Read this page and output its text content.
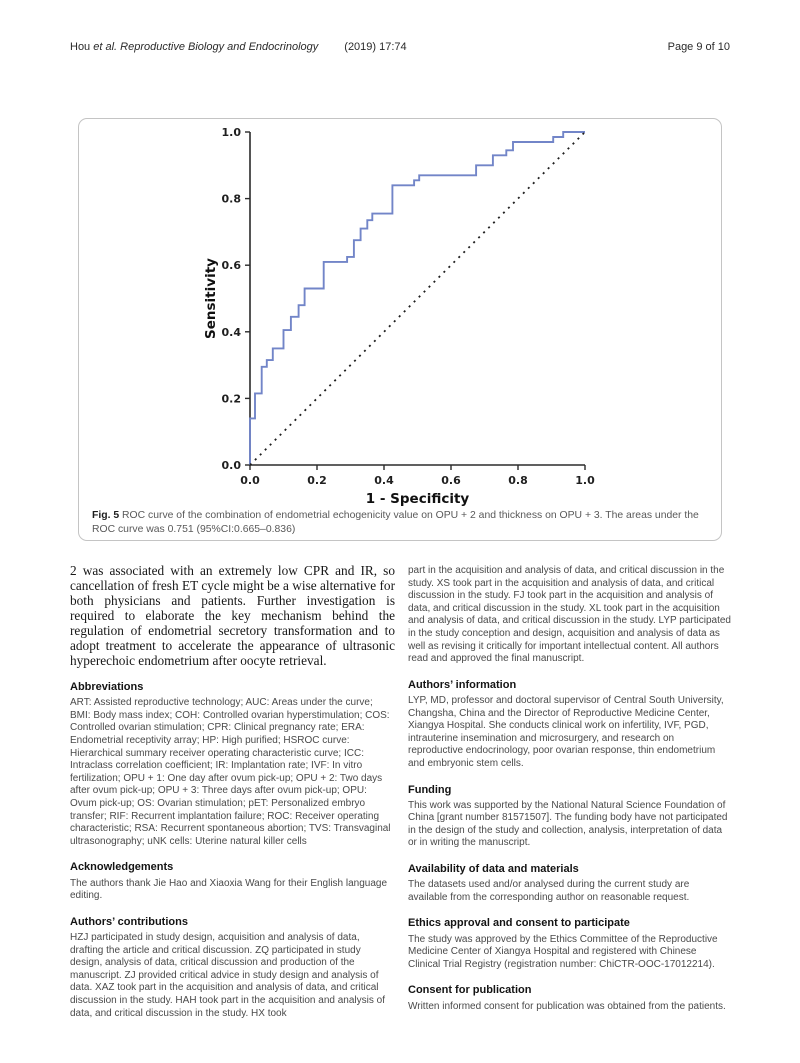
Hou et al. Reproductive Biology and Endocrinology (2019) 17:74	Page 9 of 10
0.0	0.2	0.4	0.6	0.8	1.0
0.0
0.2
0.4
0.6
0.8
1.0
1 - Specificity
Sensitivity
Fig. 5 ROC curve of the combination of endometrial echogenicity value on OPU + 2 and thickness on OPU + 3. The areas under the ROC curve was 0.751 (95%CI:0.665–0.836)

2 was associated with an extremely low CPR and IR, so cancellation of fresh ET cycle might be a wise alternative for both physicians and patients. Further investigation is required to elaborate the key mechanism behind the regulation of endometrial secretory transformation and to adopt treatment to accelerate the appearance of ultrasonic hyperechoic endometrium after oocyte retrieval.

Abbreviations

ART: Assisted reproductive technology; AUC: Areas under the curve; BMI: Body mass index; COH: Controlled ovarian hyperstimulation; COS: Controlled ovarian stimulation; CPR: Clinical pregnancy rate; ERA: Endometrial receptivity array; HP: High purified; HSROC curve: Hierarchical summary receiver operating characteristic curve; ICC: Intraclass correlation coefficient; IR: Implantation rate; IVF: In vitro fertilization; OPU + 1: One day after ovum pick-up; OPU + 2: Two days after ovum pick-up; OPU + 3: Three days after ovum pick-up; OPU: Ovum pick-up; OS: Ovarian stimulation; pET: Personalized embryo transfer; RIF: Recurrent implantation failure; ROC: Receiver operating characteristic; RSA: Recurrent spontaneous abortion; TVS: Transvaginal ultrasonography; uNK cells: Uterine natural killer cells

Acknowledgements

The authors thank Jie Hao and Xiaoxia Wang for their English language editing.

Authors’ contributions

HZJ participated in study design, acquisition and analysis of data, drafting the article and critical discussion. ZQ participated in study design, analysis of data, critical discussion and production of the manuscript. ZJ provided critical advice in study design and analysis of data. XAZ took part in the acquisition and analysis of data, and critical discussion in the study. HAH took part in the acquisition and analysis of data, and critical discussion in the study. HX took

part in the acquisition and analysis of data, and critical discussion in the study. XS took part in the acquisition and analysis of data, and critical discussion in the study. FJ took part in the acquisition and analysis of data, and critical discussion in the study. XL took part in the acquisition and analysis of data, and critical discussion in the study. LYP participated in the study conception and design, acquisition and analysis of data as well as revising it critically for important intellectual content. All authors read and approved the final manuscript.

Authors’ information

LYP, MD, professor and doctoral supervisor of Central South University, Changsha, China and the Director of Reproductive Medicine Center, Xiangya Hospital. She conducts clinical work on infertility, IVF, PGD, intrauterine insemination and microsurgery, and research on reproductive endocrinology, poor ovarian response, thin endometrium and embryonic stem cells.

Funding

This work was supported by the National Natural Science Foundation of China [grant number 81571507]. The funding body have not participated in the design of the study and collection, analysis, interpretation of data or in writing the manuscript.

Availability of data and materials

The datasets used and/or analysed during the current study are available from the corresponding author on reasonable request.

Ethics approval and consent to participate

The study was approved by the Ethics Committee of the Reproductive Medicine Center of Xiangya Hospital and registered with Chinese Clinical Trial Registry (registration number: ChiCTR-OOC-17012214).

Consent for publication

Written informed consent for publication was obtained from the patients.
